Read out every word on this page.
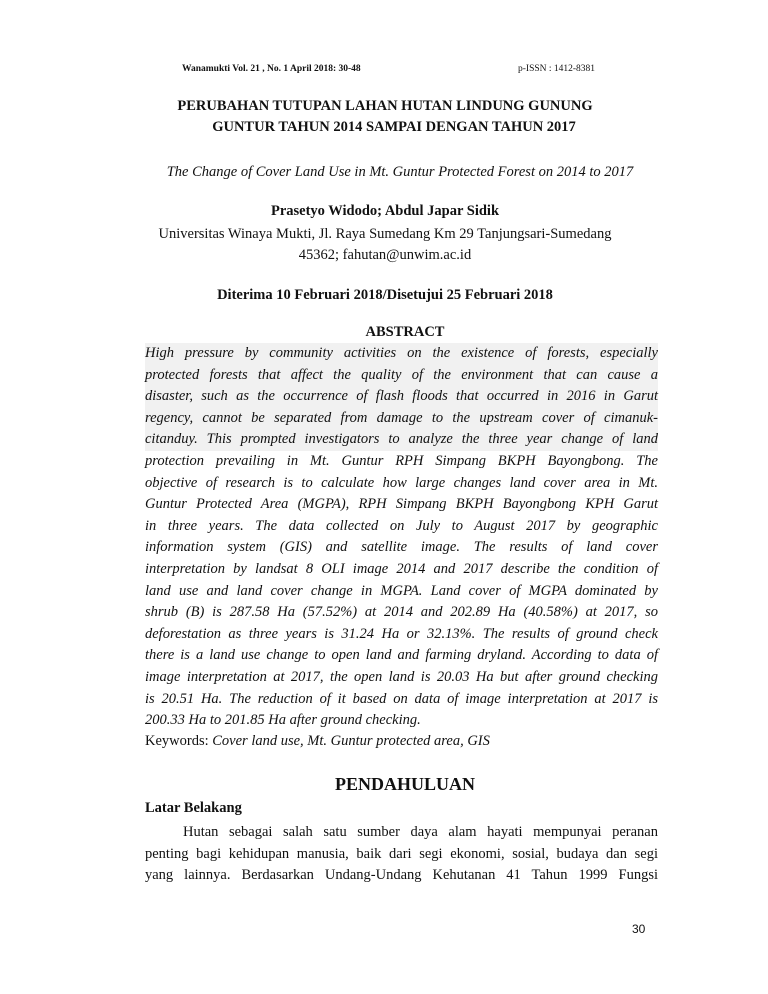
Wanamukti Vol. 21 , No. 1 April 2018: 30-48	p-ISSN : 1412-8381
PERUBAHAN TUTUPAN LAHAN HUTAN LINDUNG GUNUNG
GUNTUR TAHUN 2014 SAMPAI DENGAN TAHUN 2017
The Change of Cover Land Use in Mt. Guntur Protected Forest on 2014 to 2017
Prasetyo Widodo; Abdul Japar Sidik
Universitas Winaya Mukti, Jl. Raya Sumedang Km 29 Tanjungsari-Sumedang
45362; fahutan@unwim.ac.id
Diterima 10 Februari 2018/Disetujui 25 Februari 2018
ABSTRACT
High pressure by community activities on the existence of forests, especially
protected forests that affect the quality of the environment that can cause a
disaster, such as the occurrence of flash floods that occurred in 2016 in Garut
regency, cannot be separated from damage to the upstream cover of cimanuk-
citanduy. This prompted investigators to analyze the three year change of land
protection prevailing in Mt. Guntur RPH Simpang BKPH Bayongbong. The
objective of research is to calculate how large changes land cover area in Mt.
Guntur Protected Area (MGPA), RPH Simpang BKPH Bayongbong KPH Garut
in three years. The data collected on July to August 2017 by geographic
information system (GIS) and satellite image. The results of land cover
interpretation by landsat 8 OLI image 2014 and 2017 describe the condition of
land use and land cover change in MGPA. Land cover of MGPA dominated by
shrub (B) is 287.58 Ha (57.52%) at 2014 and 202.89 Ha (40.58%) at 2017, so
deforestation as three years is 31.24 Ha or 32.13%. The results of ground check
there is a land use change to open land and farming dryland. According to data of
image interpretation at 2017, the open land is 20.03 Ha but after ground checking
is 20.51 Ha. The reduction of it based on data of image interpretation at 2017 is
200.33 Ha to 201.85 Ha after ground checking.
Keywords: Cover land use, Mt. Guntur protected area, GIS
PENDAHULUAN
Latar Belakang
Hutan sebagai salah satu sumber daya alam hayati mempunyai peranan
penting bagi kehidupan manusia, baik dari segi ekonomi, sosial, budaya dan segi
yang lainnya. Berdasarkan Undang-Undang Kehutanan 41 Tahun 1999 Fungsi
30
